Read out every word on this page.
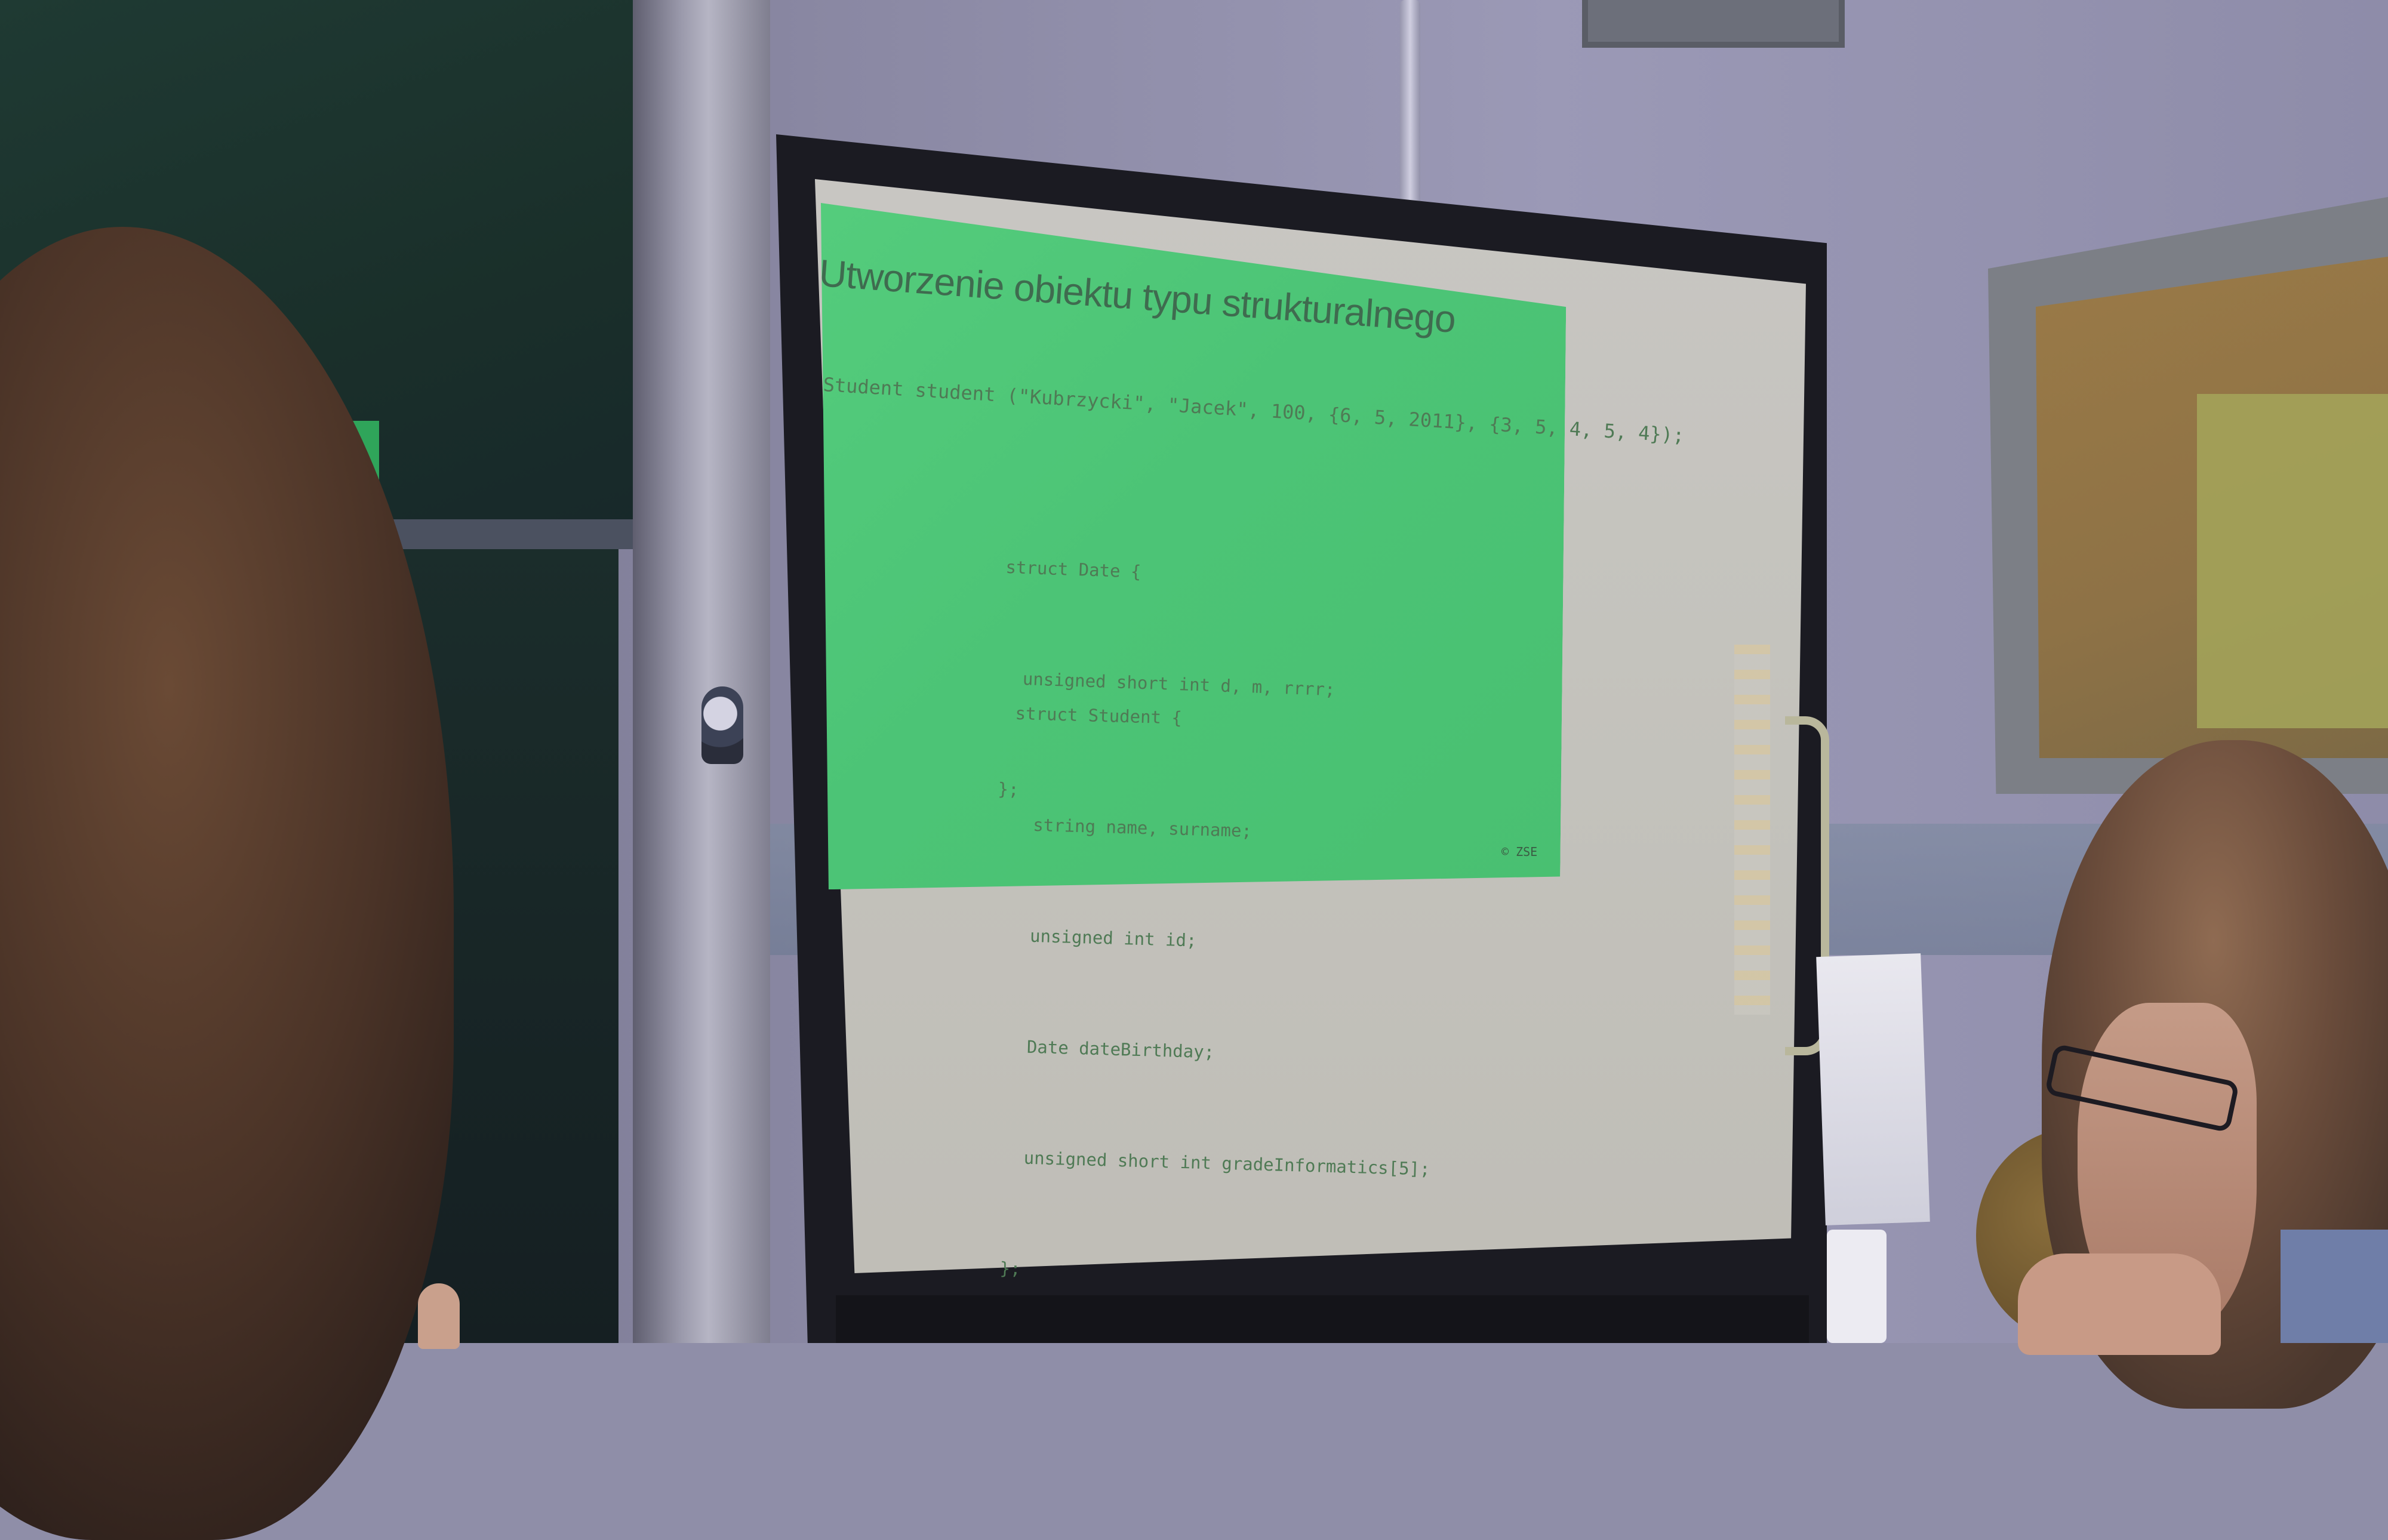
Utworzenie obiektu typu strukturalnego
Student student ("Kubrzycki", "Jacek", 100, {6, 5, 2011}, {3, 5, 4, 5, 4});

struct Date {

unsigned short int d, m, rrrr;

};

struct Student {

string name, surname;

unsigned int id;

Date dateBirthday;

unsigned short int gradeInformatics[5];

};

© ZSE
